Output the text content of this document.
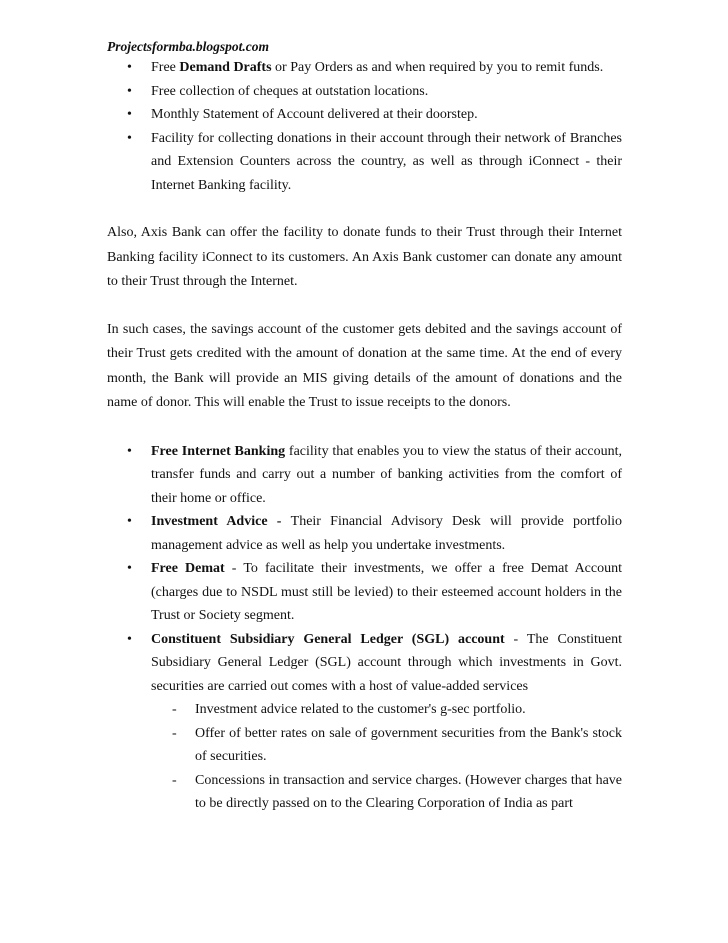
Projectsformba.blogspot.com

• Free Demand Drafts or Pay Orders as and when required by you to remit funds.
• Free collection of cheques at outstation locations.
• Monthly Statement of Account delivered at their doorstep.
• Facility for collecting donations in their account through their network of Branches and Extension Counters across the country, as well as through iConnect - their Internet Banking facility.

Also, Axis Bank can offer the facility to donate funds to their Trust through their Internet Banking facility iConnect to its customers. An Axis Bank customer can donate any amount to their Trust through the Internet.

In such cases, the savings account of the customer gets debited and the savings account of their Trust gets credited with the amount of donation at the same time. At the end of every month, the Bank will provide an MIS giving details of the amount of donations and the name of donor. This will enable the Trust to issue receipts to the donors.

• Free Internet Banking facility that enables you to view the status of their account, transfer funds and carry out a number of banking activities from the comfort of their home or office.
• Investment Advice - Their Financial Advisory Desk will provide portfolio management advice as well as help you undertake investments.
• Free Demat - To facilitate their investments, we offer a free Demat Account (charges due to NSDL must still be levied) to their esteemed account holders in the Trust or Society segment.
• Constituent Subsidiary General Ledger (SGL) account - The Constituent Subsidiary General Ledger (SGL) account through which investments in Govt. securities are carried out comes with a host of value-added services
- Investment advice related to the customer's g-sec portfolio.
- Offer of better rates on sale of government securities from the Bank's stock of securities.
- Concessions in transaction and service charges. (However charges that have to be directly passed on to the Clearing Corporation of India as part
